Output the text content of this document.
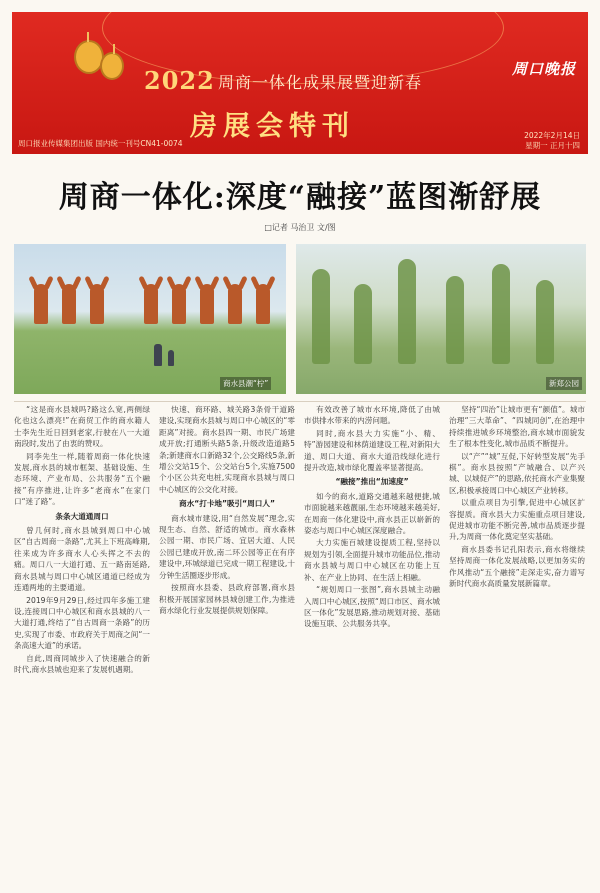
2022 周商一体化成果展暨迎新春
周口晚报
房展会特刊
周口报业传媒集团出版 国内统一刊号CN41-0074
2022年2月14日
星期一 正月十四
周商一体化:深度“融接”蓝图渐舒展
□记者 马治卫 文/图
商水县潮“柠”	新郑公园

“这是商水县城吗?路这么宽,两侧绿化也这么漂亮!”在商贸工作的商水籍人士李先生近日回到老家,行驶在八一大道南段时,发出了由衷的赞叹。

同李先生一样,随着周商一体化快速发展,商水县的城市框架、基础设施、生态环境、产业布局、公共服务“五个融接”有序推进,让许多“老商水”在家门口“迷了路”。

条条大道通周口

曾几何时,商水县城到周口中心城区“自古周商一条路”,尤其上下班高峰期,往来成为许多商水人心头挥之不去的痛。周口八一大道打通、五一路南延路,商水县城与周口中心城区通道已经成为连通两地的主要通道。

2019年9月29日,经过四年多施工建设,连接周口中心城区和商水县城的八一大道打通,终结了“自古周商一条路”的历史,实现了市委、市政府关于周商之间“一条高速大道”的承诺。

自此,周商同城步入了快速融合的新时代,商水县城也迎来了发展机遇期。

快速、商环路、城关路3条骨干道路建设,实现商水县城与周口中心城区的“零距离”对接。商水县四一期、市民广场建成开放;打通断头路5条,升级改造道路5条;新建商水口新路32个,公交路线5条,新增公交站15个、公交站台5个,实施7500个小区公共充电桩,实现商水县城与周口中心城区的公交化对接。

商水“打卡地”吸引“周口人”

商水城市建设,用“自然发展”理念,实现生态、自然、舒适的城市。商水森林公园一期、市民广场、宜居大道、人民公园已建成开放,南二环公园等正在有序建设中,环城绿道已完成一期工程建设,十分钟生活圈逐步形成。

按照商水县委、县政府部署,商水县积极开展国家园林县城创建工作,为推进商水绿化行业发展提供规划保障。

有效改善了城市水环境,降低了由城市供排水带来的内涝问题。

同时,商水县大力实施“小、精、特”游园建设和林荫道建设工程,对新阳大道、周口大道、商水大道沿线绿化进行提升改造,城市绿化覆盖率显著提高。

“融接”推出“加速度”

如今的商水,道路交通越来越便捷,城市面貌越来越靓丽,生态环境越来越美好,在周商一体化建设中,商水县正以崭新的姿态与周口中心城区深度融合。

大力实施百城建设提质工程,坚持以规划为引领,全面提升城市功能品位,推动商水县城与周口中心城区在功能上互补、在产业上协同、在生活上相融。

“规划周口一张图”,商水县城主动融入周口中心城区,按照“周口市区、商水城区一体化”发展思路,推动规划对接、基础设施互联、公共服务共享。

坚持“四治”让城市更有“颜值”。城市治理“三大革命”、“四城同创”,在治理中持续推进城乡环境整治,商水城市面貌发生了根本性变化,城市品质不断提升。

以“产”“城”互促,下好转型发展“先手棋”。商水县按照“产城融合、以产兴城、以城促产”的思路,依托商水产业集聚区,积极承接周口中心城区产业转移。

以重点项目为引擎,促进中心城区扩容提质。商水县大力实施重点项目建设,促进城市功能不断完善,城市品质逐步提升,为周商一体化奠定坚实基础。

商水县委书记孔阳表示,商水将继续坚持周商一体化发展战略,以更加务实的作风推动“五个融接”走深走实,奋力谱写新时代商水高质量发展新篇章。
